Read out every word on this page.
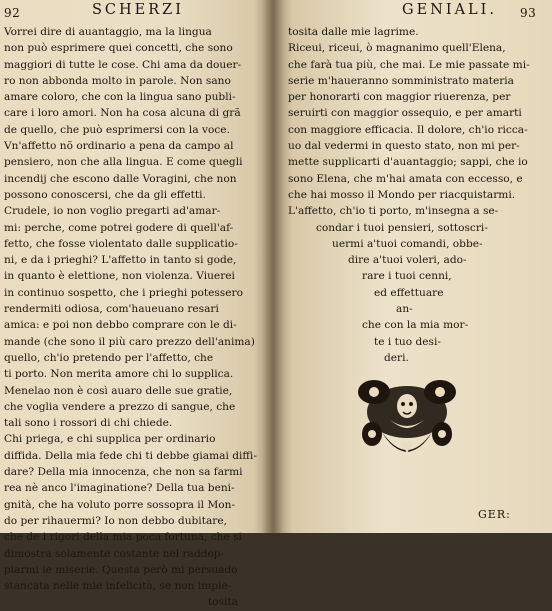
92	SCHERZI
Vorrei dire di auantaggio, ma la lingua
non può esprimere quei concetti, che sono
maggiori di tutte le cose. Chi ama da douer-
ro non abbonda molto in parole. Non sano
amare coloro, che con la lingua sano publi-
care i loro amori. Non ha cosa alcuna di grã
de quello, che può esprimersi con la voce.
Vn'affetto nõ ordinario a pena da campo al
pensiero, non che alla lingua. E come quegli
incendij che escono dalle Voragini, che non
possono conoscersi, che da gli effetti.
Crudele, io non voglio pregarti ad'amar-
mi: perche, come potrei godere di quell'af-
fetto, che fosse violentato dalle supplicatio-
ni, e da i prieghi? L'affetto in tanto si gode,
in quanto è elettione, non violenza. Viuerei
in continuo sospetto, che i prieghi potessero
rendermiti odiosa, com'haueuano resari
amica: e poi non debbo comprare con le di-
mande (che sono il più caro prezzo dell'anima)
quello, ch'io pretendo per l'affetto, che
ti porto. Non merita amore chi lo supplica.
Menelao non è così auaro delle sue gratie,
che voglia vendere a prezzo di sangue, che
tali sono i rossori di chi chiede.
Chi priega, e chi supplica per ordinario
diffida. Della mia fede chi ti debbe giamai diffi-
dare? Della mia innocenza, che non sa farmi
rea nè anco l'imaginatione? Della tua beni-
gnità, che ha voluto porre sossopra il Mon-
do per rihauermi? Io non debbo dubitare,
che de i rigori della mia poca fortuna, che si
dimostra solamente costante nel raddop-
piarmi le miserie. Questa però mi persuado
stancata nelle mie infelicità, se non impie-
tosita
GENIALI. 93
tosita dalle mie lagrime.
Riceui, riceui, ò magnanimo quell'Elena,
che farà tua più, che mai. Le mie passate mi-
serie m'haueranno somministrato materia
per honorarti con maggior riuerenza, per
seruirti con maggior ossequio, e per amarti
con maggiore efficacia. Il dolore, ch'io ricca-
uo dal vedermi in questo stato, non mi per-
mette supplicarti d'auantaggio; sappi, che io
sono Elena, che m'hai amata con eccesso, e
che hai mosso il Mondo per riacquistarmi.
L'affetto, ch'io ti porto, m'insegna a se-
condar i tuoi pensieri, sottoscri-
uermi a'tuoi comandi, obbe-
dire a'tuoi voleri, ado-
rare i tuoi cenni,
ed effettuare
an-
che con la mia mor-
te i tuo desi-
deri.
GER:
